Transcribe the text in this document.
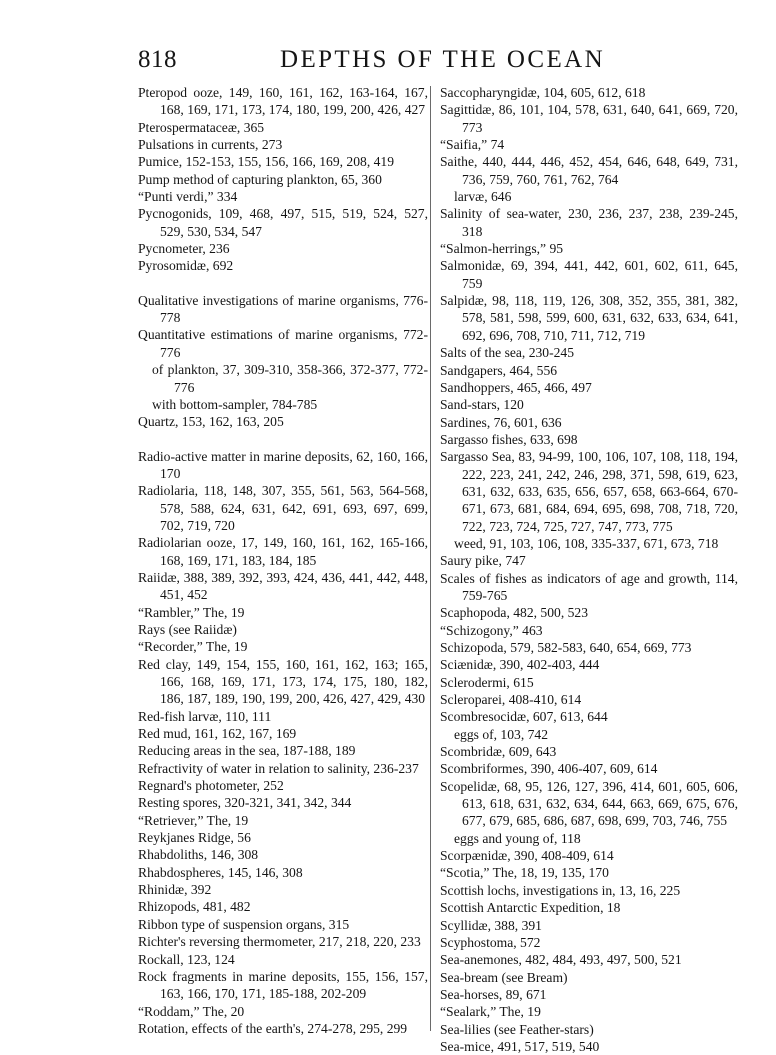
818	DEPTHS OF THE OCEAN
Pteropod ooze, 149, 160, 161, 162, 163-164, 167, 168, 169, 171, 173, 174, 180, 199, 200, 426, 427
Pterospermataceæ, 365
Pulsations in currents, 273
Pumice, 152-153, 155, 156, 166, 169, 208, 419
Pump method of capturing plankton, 65, 360
“Punti verdi,” 334
Pycnogonids, 109, 468, 497, 515, 519, 524, 527, 529, 530, 534, 547
Pycnometer, 236
Pyrosomidæ, 692
Qualitative investigations of marine organisms, 776-778
Quantitative estimations of marine organisms, 772-776
of plankton, 37, 309-310, 358-366, 372-377, 772-776
with bottom-sampler, 784-785
Quartz, 153, 162, 163, 205
Radio-active matter in marine deposits, 62, 160, 166, 170
Radiolaria, 118, 148, 307, 355, 561, 563, 564-568, 578, 588, 624, 631, 642, 691, 693, 697, 699, 702, 719, 720
Radiolarian ooze, 17, 149, 160, 161, 162, 165-166, 168, 169, 171, 183, 184, 185
Raiidæ, 388, 389, 392, 393, 424, 436, 441, 442, 448, 451, 452
“Rambler,” The, 19
Rays (see Raiidæ)
“Recorder,” The, 19
Red clay, 149, 154, 155, 160, 161, 162, 163; 165, 166, 168, 169, 171, 173, 174, 175, 180, 182, 186, 187, 189, 190, 199, 200, 426, 427, 429, 430
Red-fish larvæ, 110, 111
Red mud, 161, 162, 167, 169
Reducing areas in the sea, 187-188, 189
Refractivity of water in relation to salinity, 236-237
Regnard's photometer, 252
Resting spores, 320-321, 341, 342, 344
“Retriever,” The, 19
Reykjanes Ridge, 56
Rhabdoliths, 146, 308
Rhabdospheres, 145, 146, 308
Rhinidæ, 392
Rhizopods, 481, 482
Ribbon type of suspension organs, 315
Richter's reversing thermometer, 217, 218, 220, 233
Rockall, 123, 124
Rock fragments in marine deposits, 155, 156, 157, 163, 166, 170, 171, 185-188, 202-209
“Roddam,” The, 20
Rotation, effects of the earth's, 274-278, 295, 299
Saccopharyngidæ, 104, 605, 612, 618
Sagittidæ, 86, 101, 104, 578, 631, 640, 641, 669, 720, 773
“Saifia,” 74
Saithe, 440, 444, 446, 452, 454, 646, 648, 649, 731, 736, 759, 760, 761, 762, 764
larvæ, 646
Salinity of sea-water, 230, 236, 237, 238, 239-245, 318
“Salmon-herrings,” 95
Salmonidæ, 69, 394, 441, 442, 601, 602, 611, 645, 759
Salpidæ, 98, 118, 119, 126, 308, 352, 355, 381, 382, 578, 581, 598, 599, 600, 631, 632, 633, 634, 641, 692, 696, 708, 710, 711, 712, 719
Salts of the sea, 230-245
Sandgapers, 464, 556
Sandhoppers, 465, 466, 497
Sand-stars, 120
Sardines, 76, 601, 636
Sargasso fishes, 633, 698
Sargasso Sea, 83, 94-99, 100, 106, 107, 108, 118, 194, 222, 223, 241, 242, 246, 298, 371, 598, 619, 623, 631, 632, 633, 635, 656, 657, 658, 663-664, 670-671, 673, 681, 684, 694, 695, 698, 708, 718, 720, 722, 723, 724, 725, 727, 747, 773, 775
weed, 91, 103, 106, 108, 335-337, 671, 673, 718
Saury pike, 747
Scales of fishes as indicators of age and growth, 114, 759-765
Scaphopoda, 482, 500, 523
“Schizogony,” 463
Schizopoda, 579, 582-583, 640, 654, 669, 773
Sciænidæ, 390, 402-403, 444
Sclerodermi, 615
Scleroparei, 408-410, 614
Scombresocidæ, 607, 613, 644
eggs of, 103, 742
Scombridæ, 609, 643
Scombriformes, 390, 406-407, 609, 614
Scopelidæ, 68, 95, 126, 127, 396, 414, 601, 605, 606, 613, 618, 631, 632, 634, 644, 663, 669, 675, 676, 677, 679, 685, 686, 687, 698, 699, 703, 746, 755
eggs and young of, 118
Scorpænidæ, 390, 408-409, 614
“Scotia,” The, 18, 19, 135, 170
Scottish lochs, investigations in, 13, 16, 225
Scottish Antarctic Expedition, 18
Scyllidæ, 388, 391
Scyphostoma, 572
Sea-anemones, 482, 484, 493, 497, 500, 521
Sea-bream (see Bream)
Sea-horses, 89, 671
“Sealark,” The, 19
Sea-lilies (see Feather-stars)
Sea-mice, 491, 517, 519, 540
